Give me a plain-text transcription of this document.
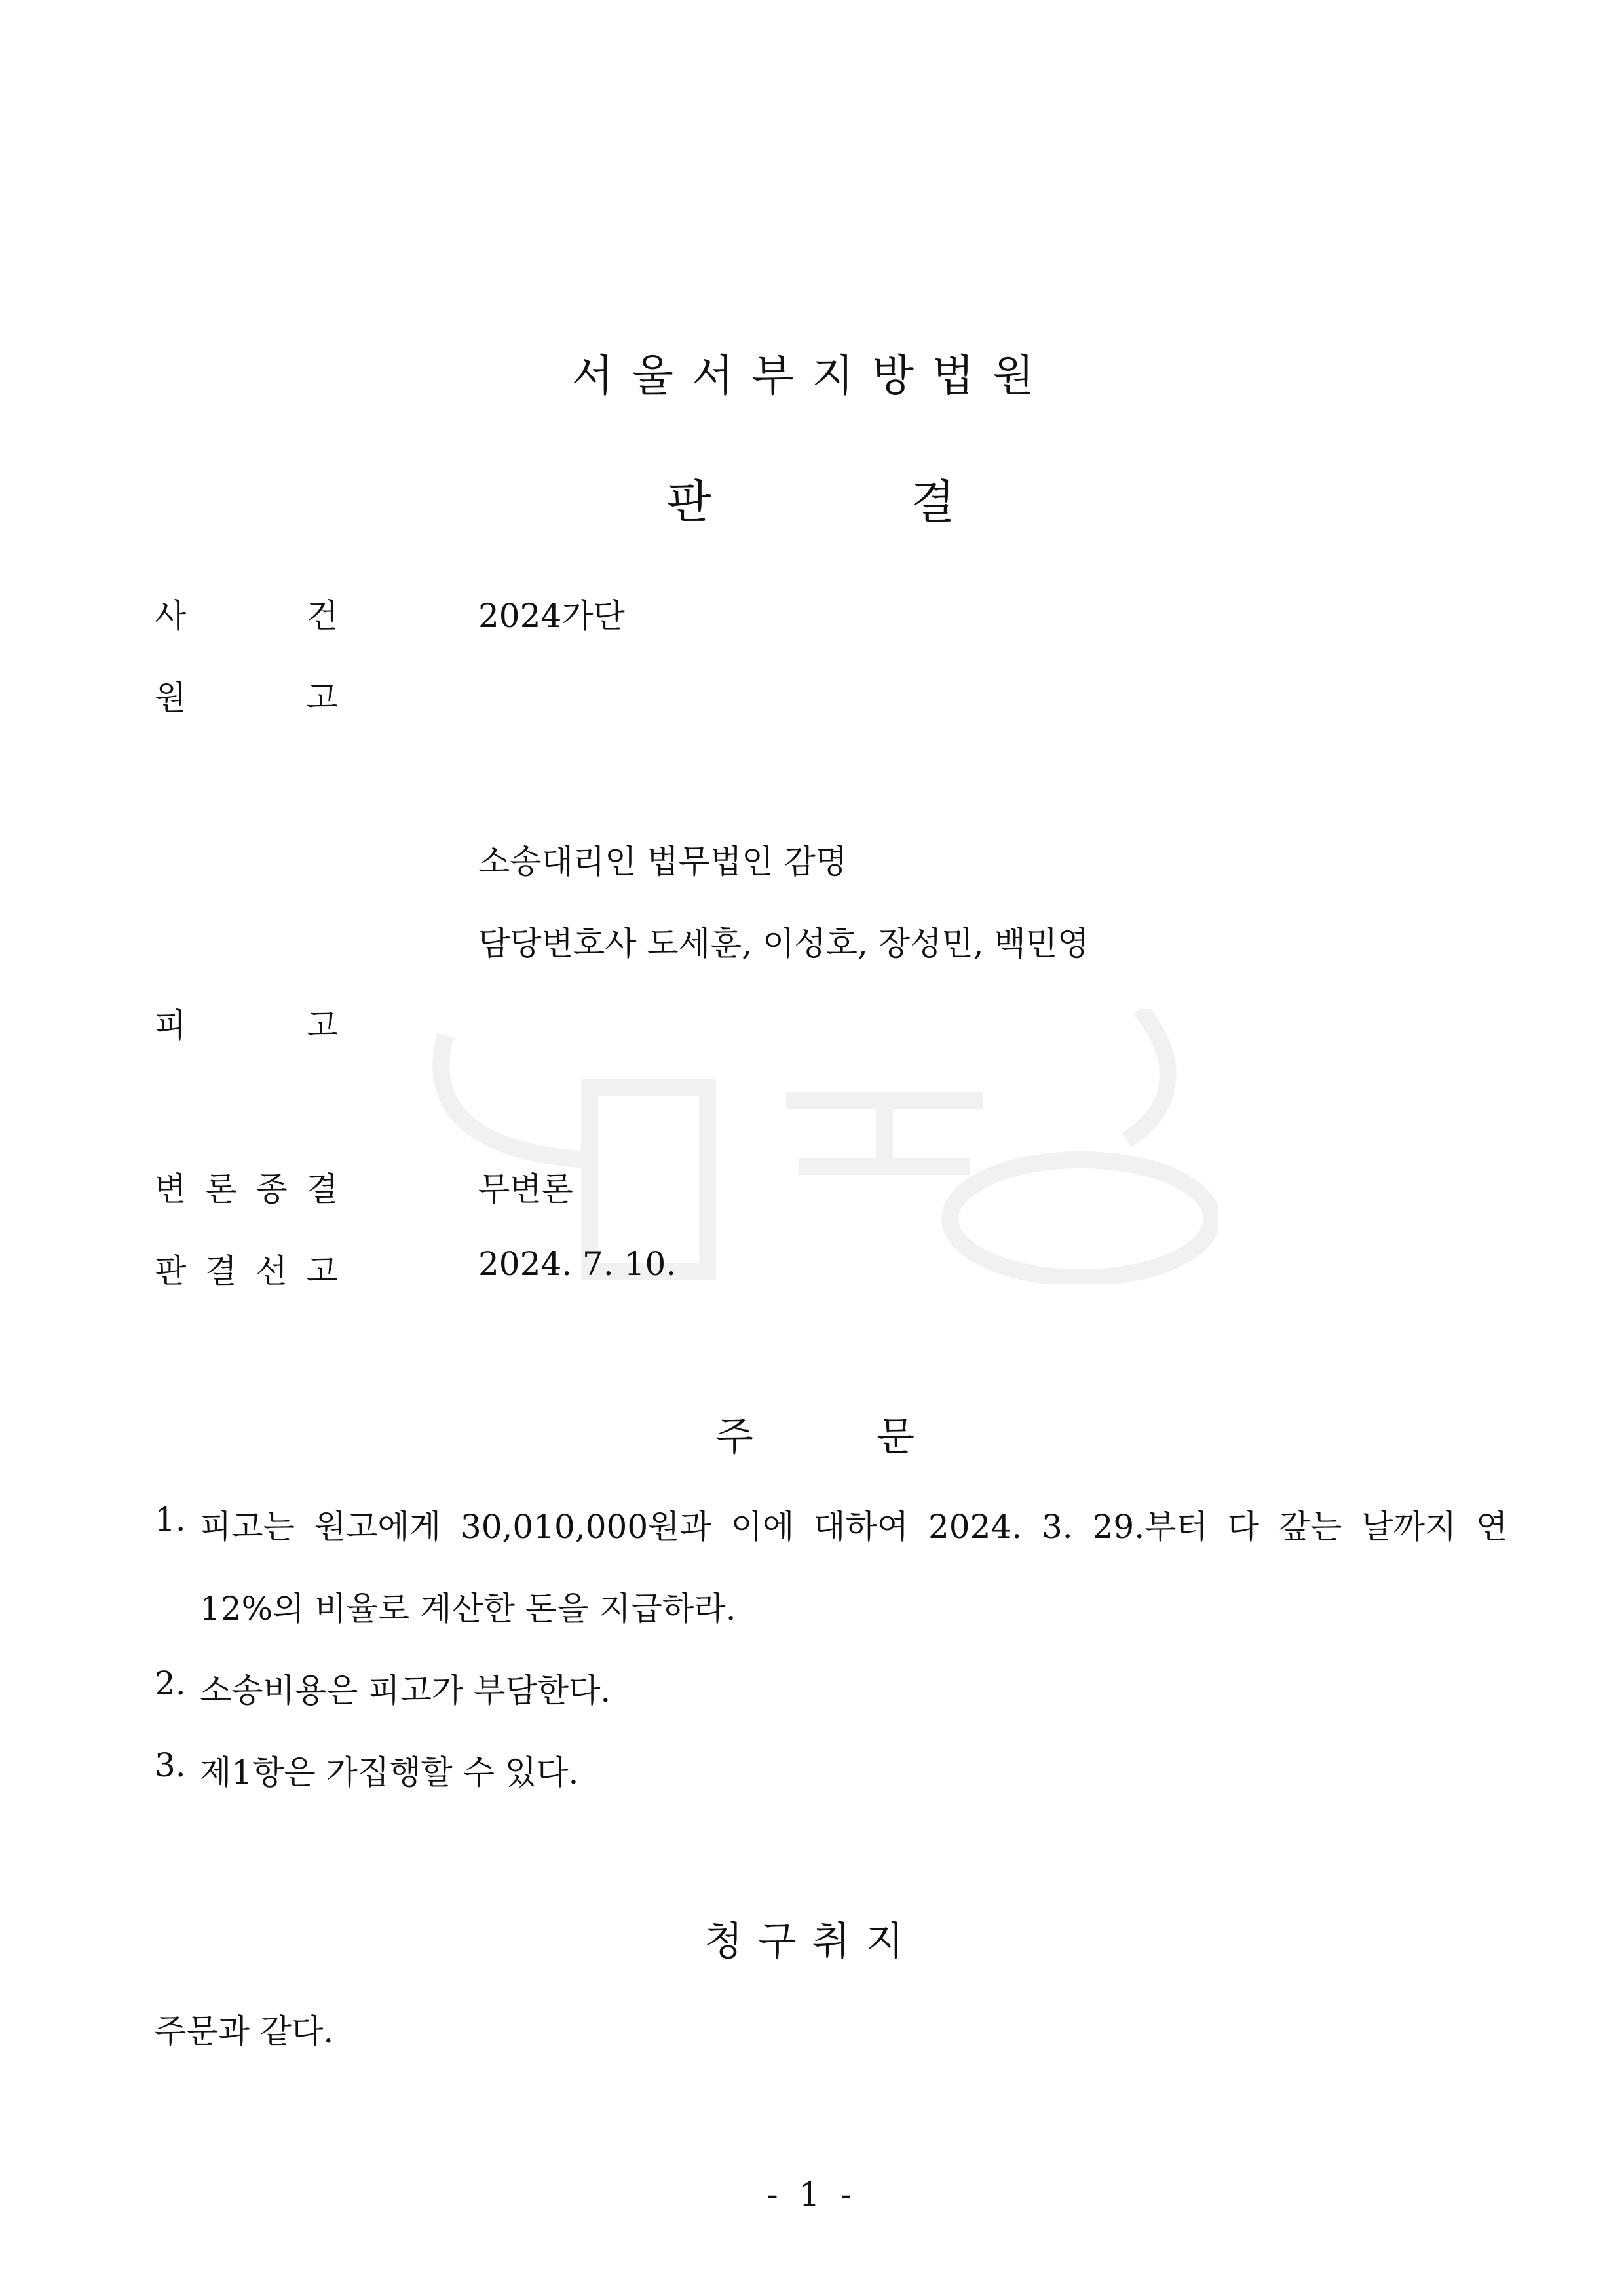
서울서부지방법원
판	결
사	건	2024가단
원	고
소송대리인 법무법인 감명
담당변호사 도세훈, 이성호, 장성민, 백민영
피	고
변 론 종 결	무변론
판 결 선 고	2024. 7. 10.
주	문
1. 피고는 원고에게 30,010,000원과 이에 대하여 2024. 3. 29.부터 다 갚는 날까지 연
12%의 비율로 계산한 돈을 지급하라.
2. 소송비용은 피고가 부담한다.
3. 제1항은 가집행할 수 있다.
청구취지
주문과 같다.
- 1 -
